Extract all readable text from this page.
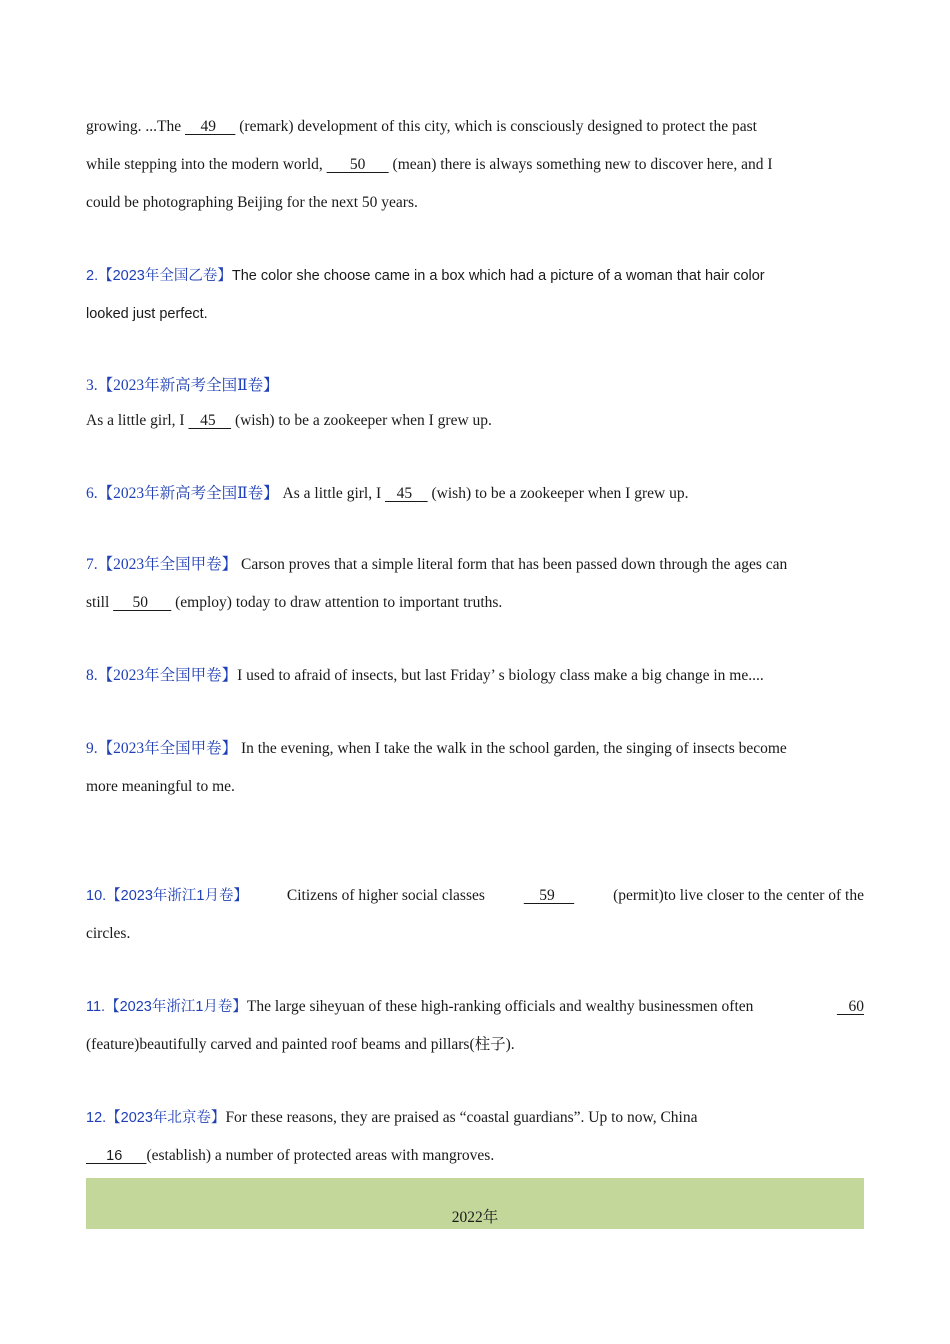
growing. ...The     49      (remark) development of this city, which is consciously designed to protect the past
while stepping into the modern world,       50       (mean) there is always something new to discover here, and I
could be photographing Beijing for the next 50 years.
2.【2023年全国乙卷】The color she choose came in a box which had a picture of a woman that hair color
looked just perfect.
3.【2023年新高考全国Ⅱ卷】
As a little girl, I    45     (wish) to be a zookeeper when I grew up.
6.【2023年新高考全国Ⅱ卷】 As a little girl, I    45     (wish) to be a zookeeper when I grew up.
7.【2023年全国甲卷】 Carson proves that a simple literal form that has been passed down through the ages can
still      50       (employ) today to draw attention to important truths.
8.【2023年全国甲卷】I used to afraid of insects, but last Friday’ s biology class make a big change in me....
9.【2023年全国甲卷】 In the evening, when I take the walk in the school garden, the singing of insects become
more meaningful to me.
10.【2023年浙江1月卷】	Citizens of higher social classes	59	(permit)to live closer to the center of the
circles.
11.【2023年浙江1月卷】The large siheyuan of these high-ranking officials and wealthy businessmen often	60
(feature)beautifully carved and painted roof beams and pillars(柱子).
12.【2023年北京卷】For these reasons, they are praised as “coastal guardians”. Up to now, China
16      (establish) a number of protected areas with mangroves.
2022年
